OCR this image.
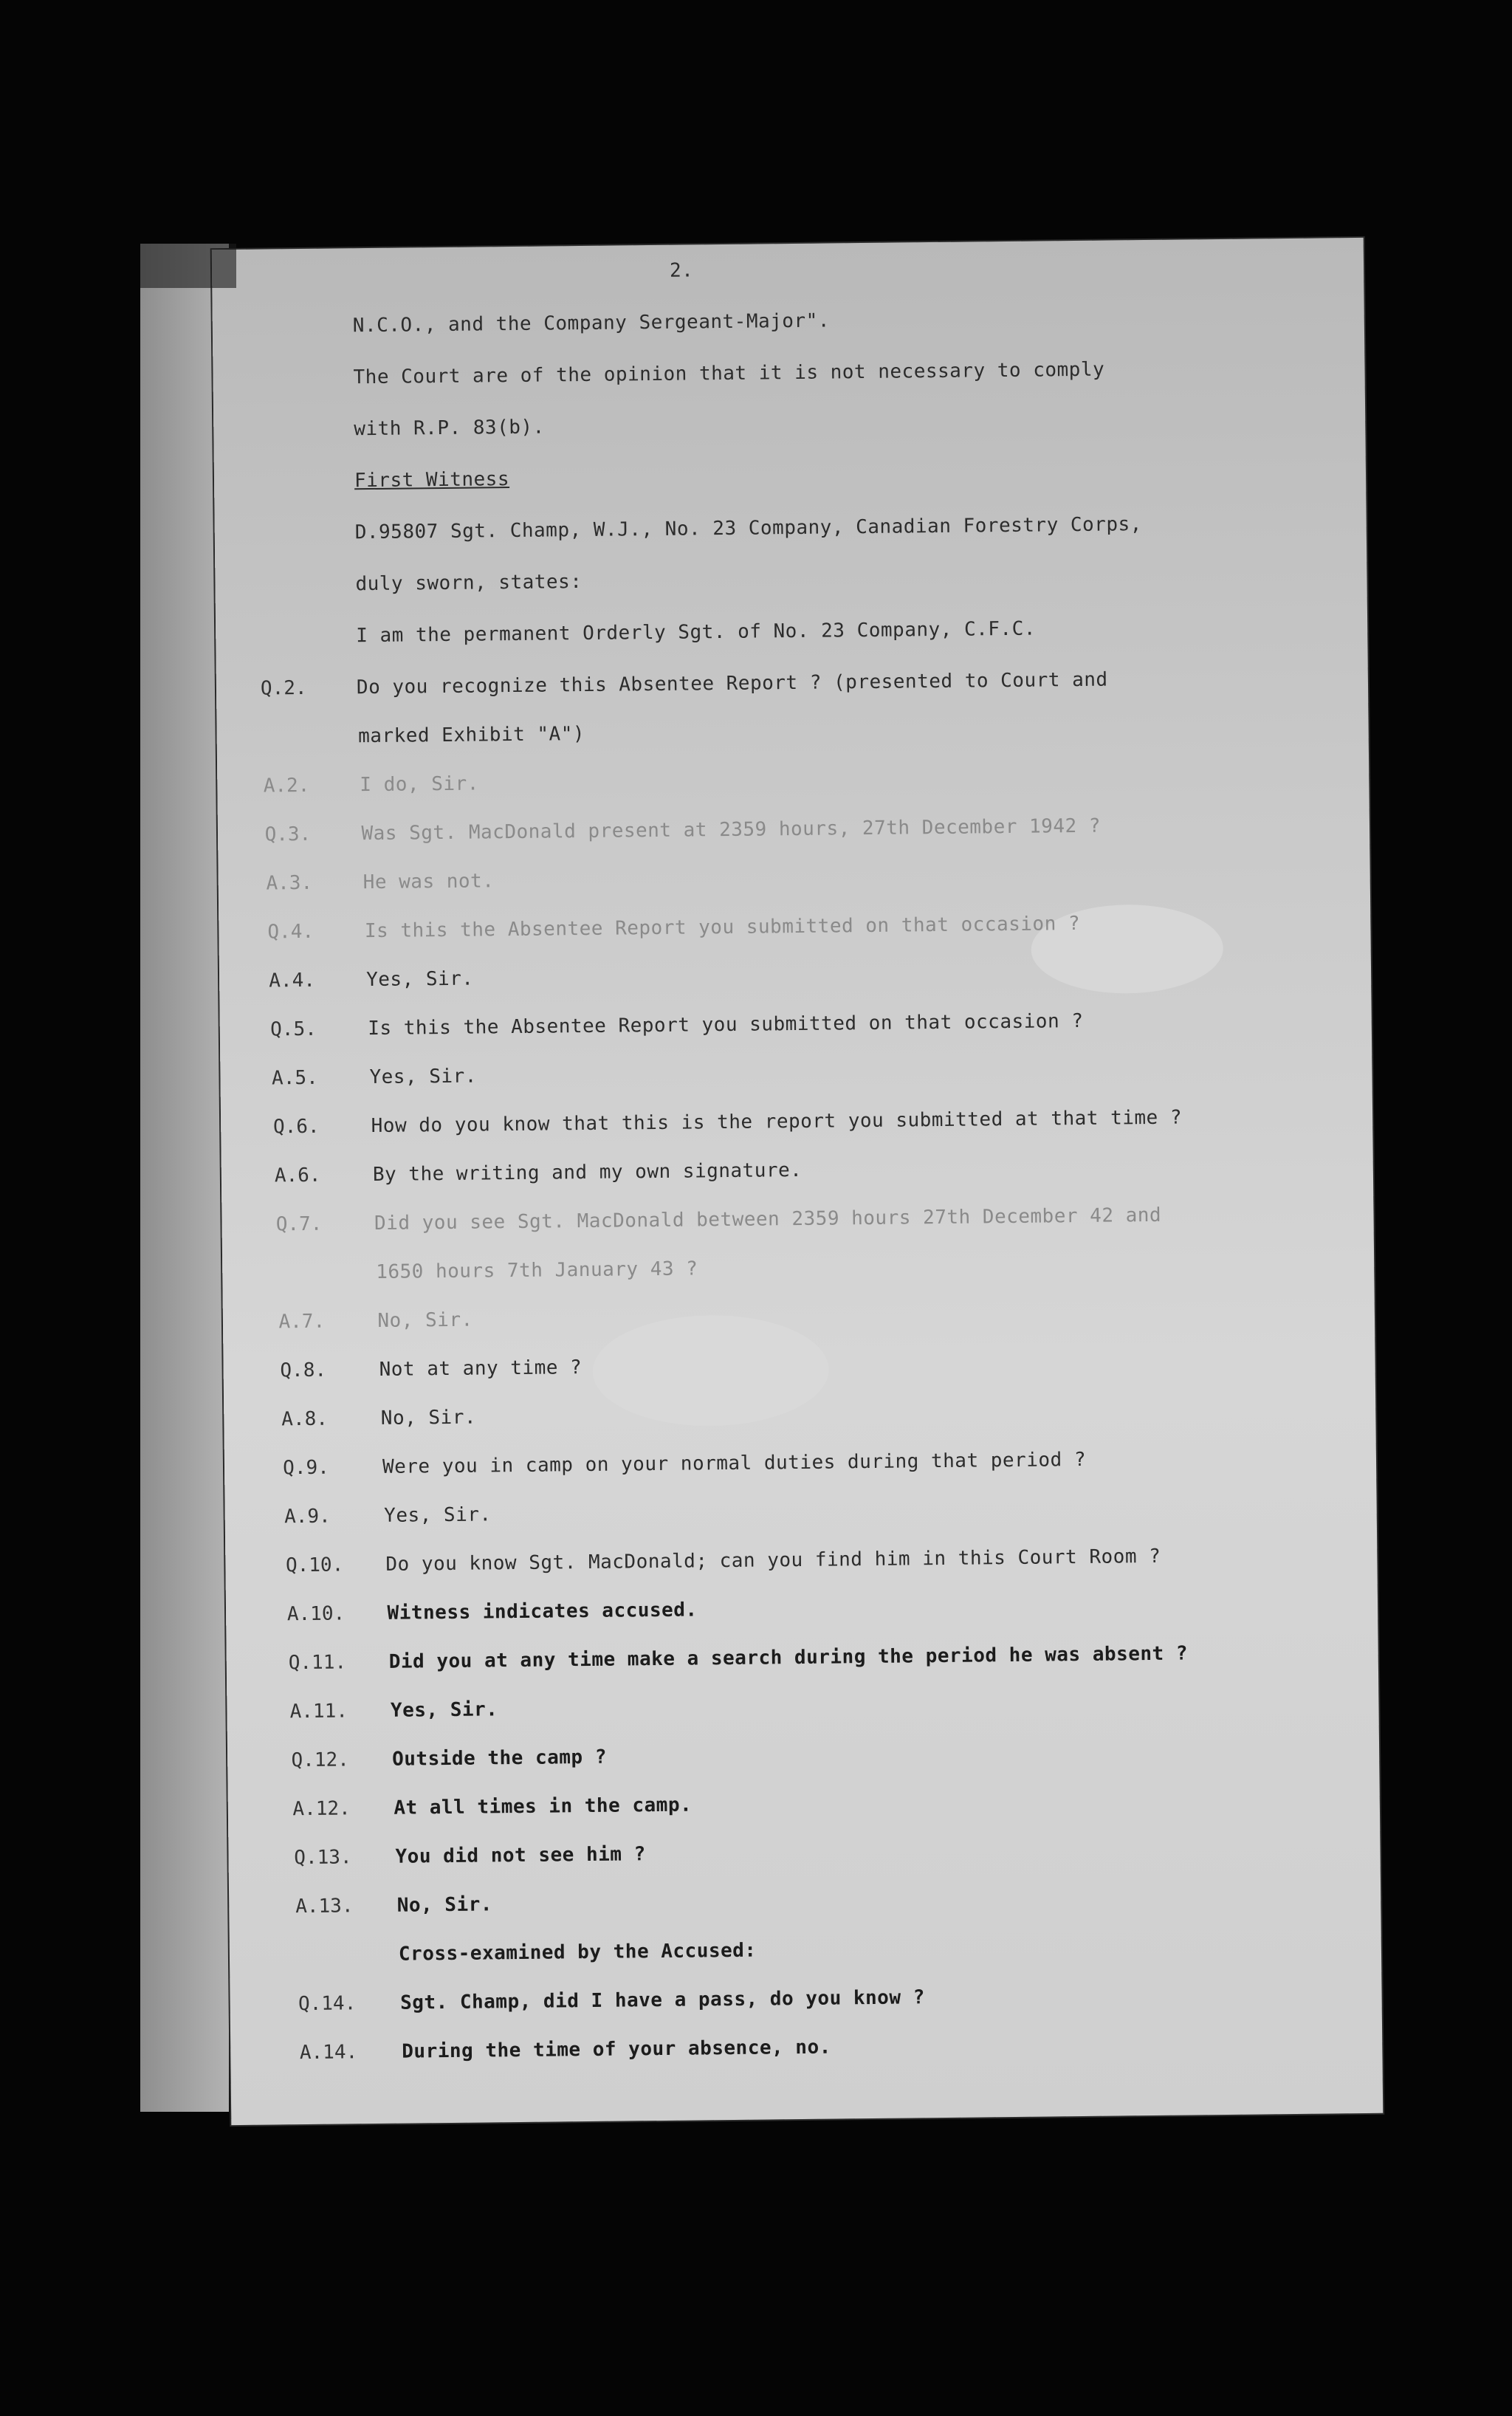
2.
N.C.O., and the Company Sergeant-Major".
The Court are of the opinion that it is not necessary to comply
with R.P. 83(b).
First Witness
D.95807 Sgt. Champ, W.J., No. 23 Company, Canadian Forestry Corps,
duly sworn, states:
I am the permanent Orderly Sgt. of No. 23 Company, C.F.C.
Q.2.	Do you recognize this Absentee Report ? (presented to Court and
marked Exhibit "A")
A.2.	I do, Sir.
Q.3.	Was Sgt. MacDonald present at 2359 hours, 27th December 1942 ?
A.3.	He was not.
Q.4.	Is this the Absentee Report you submitted on that occasion ?
A.4.	Yes, Sir.
Q.5.	Is this the Absentee Report you submitted on that occasion ?
A.5.	Yes, Sir.
Q.6.	How do you know that this is the report you submitted at that time ?
A.6.	By the writing and my own signature.
Q.7.	Did you see Sgt. MacDonald between 2359 hours 27th December 42 and
1650 hours 7th January 43 ?
A.7.	No, Sir.
Q.8.	Not at any time ?
A.8.	No, Sir.
Q.9.	Were you in camp on your normal duties during that period ?
A.9.	Yes, Sir.
Q.10. Do you know Sgt. MacDonald; can you find him in this Court Room ?
A.10. Witness indicates accused.
Q.11. Did you at any time make a search during the period he was absent ?
A.11. Yes, Sir.
Q.12. Outside the camp ?
A.12. At all times in the camp.
Q.13. You did not see him ?
A.13. No, Sir.
Cross-examined by the Accused:
Q.14. Sgt. Champ, did I have a pass, do you know ?
A.14. During the time of your absence, no.
